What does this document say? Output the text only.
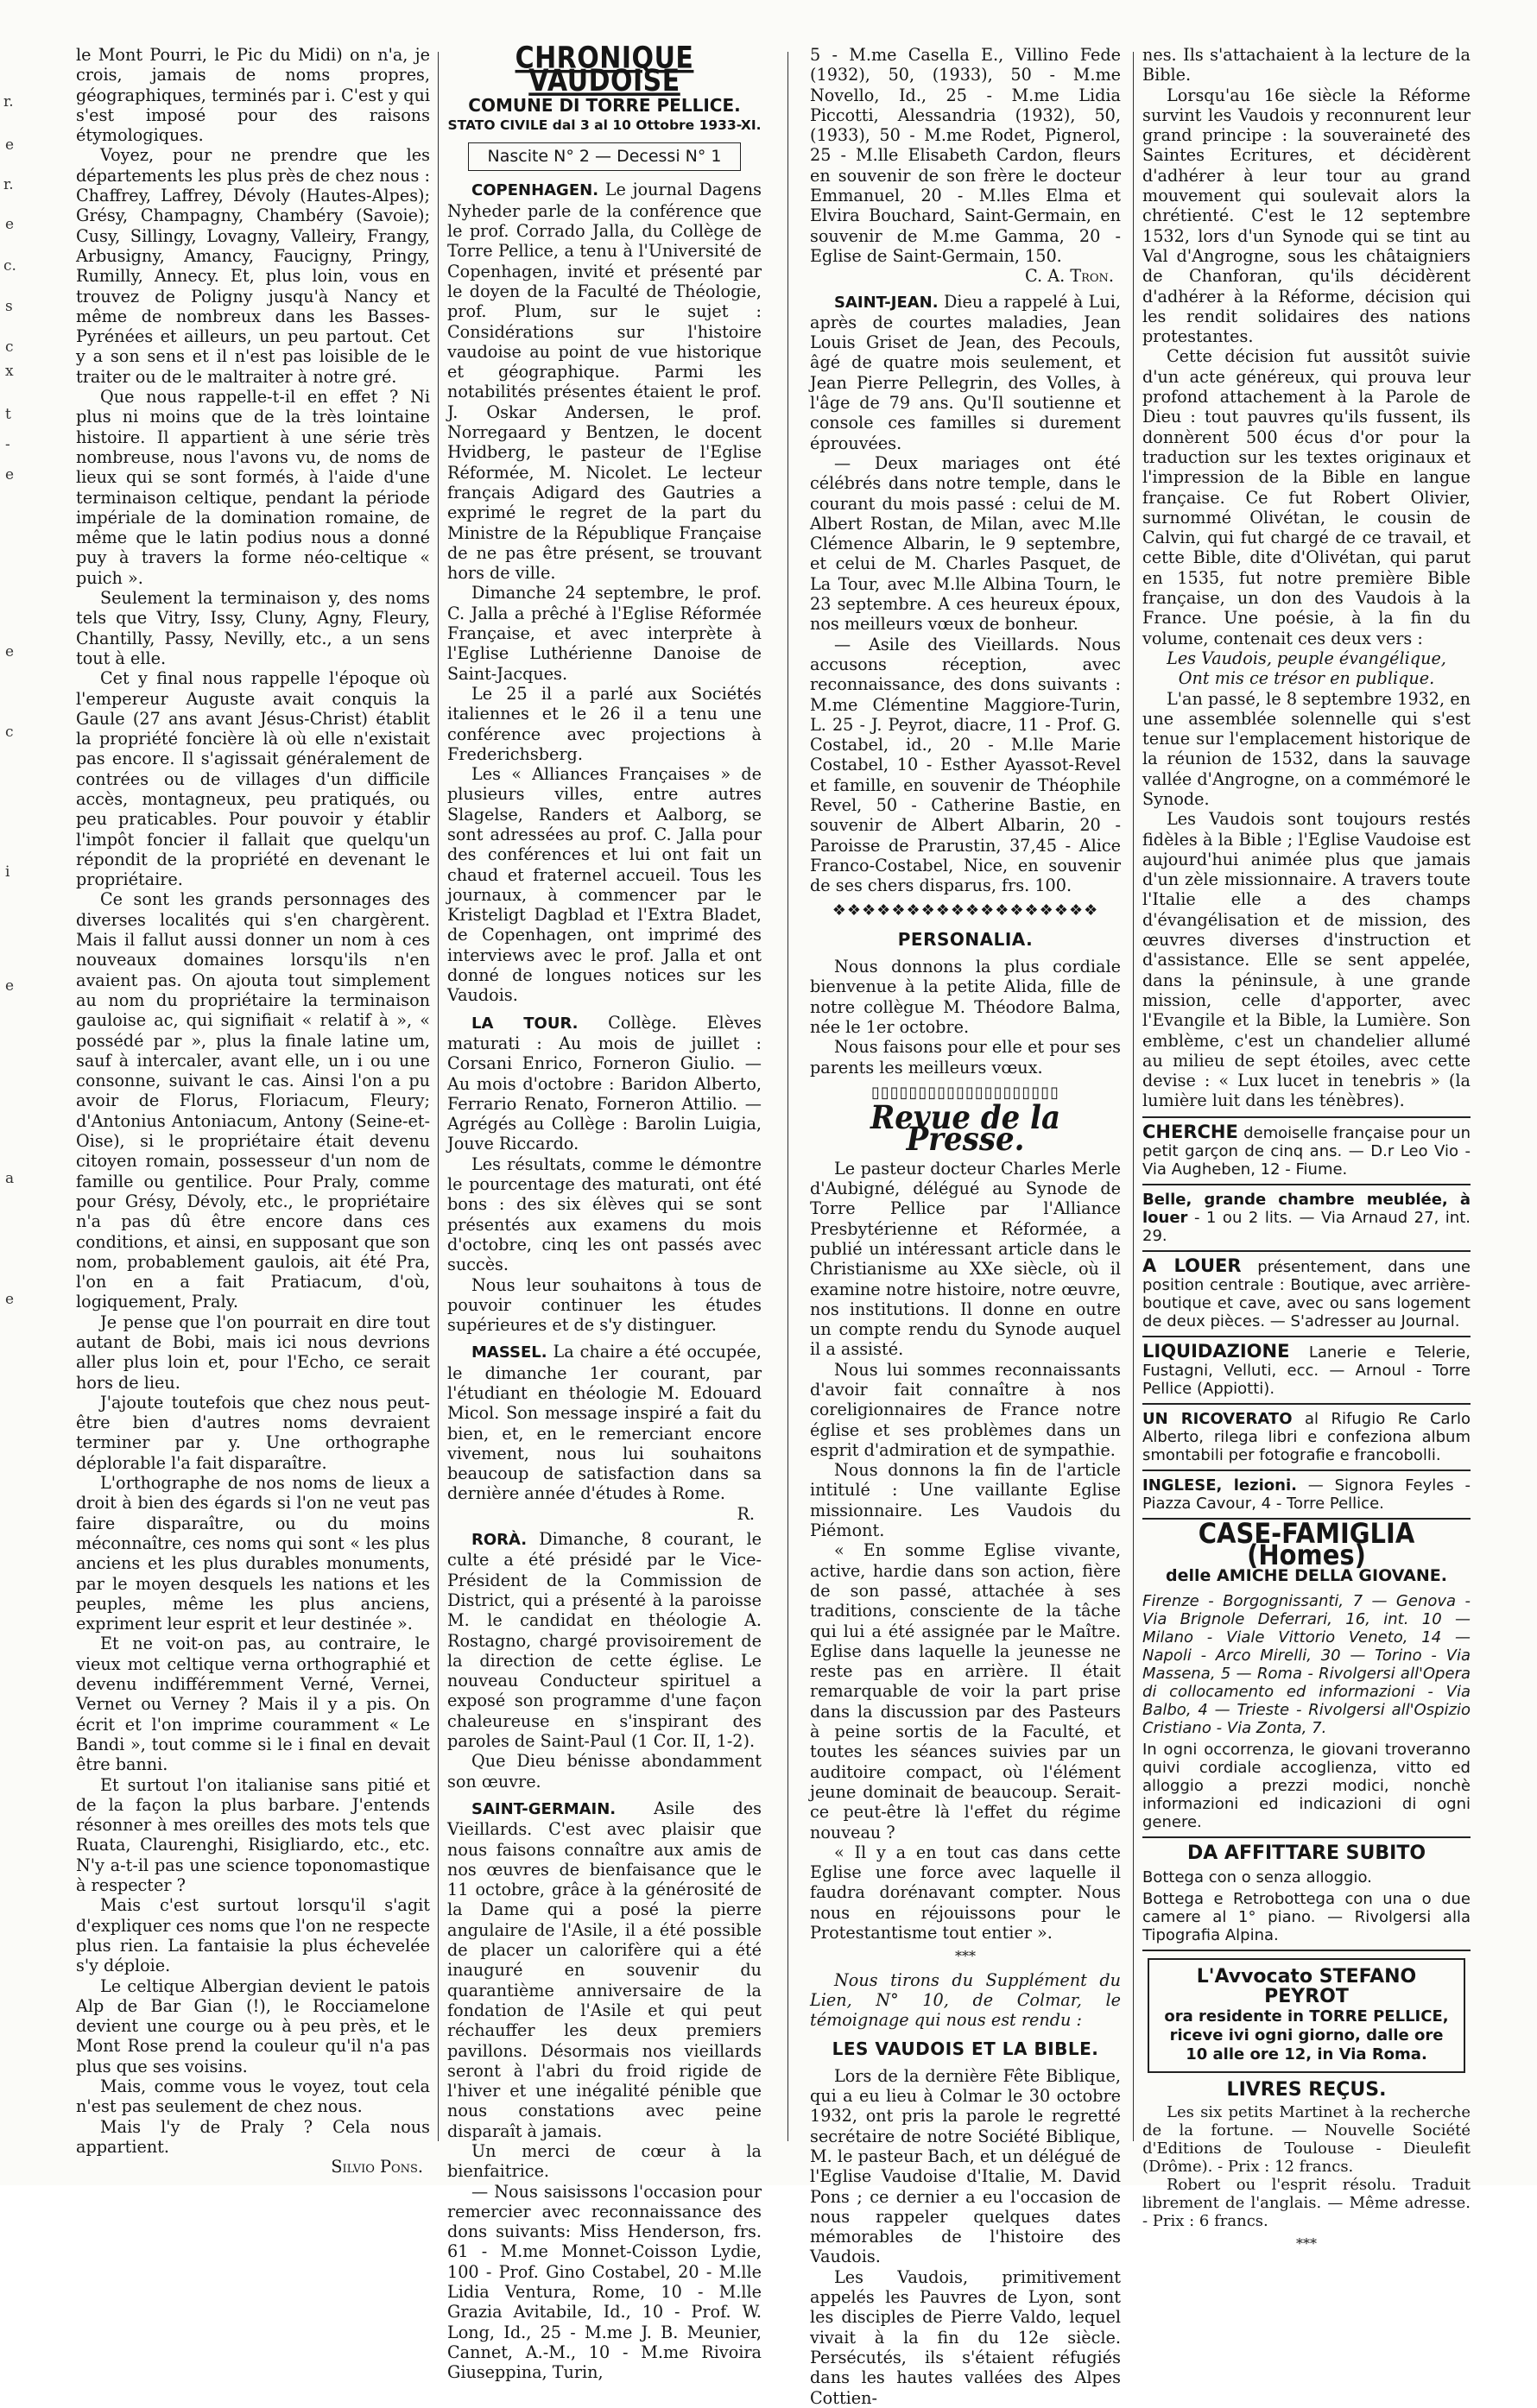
r.
e
r.
e
c.
s
c
x
t
-
e
e
c
i
e
a
e

le Mont Pourri, le Pic du Midi) on n'a, je crois, jamais de noms propres, géographiques, terminés par i. C'est y qui s'est imposé pour des raisons étymologiques.

Voyez, pour ne prendre que les départements les plus près de chez nous : Chaffrey, Laffrey, Dévoly (Hautes-Alpes); Grésy, Champagny, Chambéry (Savoie); Cusy, Sillingy, Lovagny, Valleiry, Frangy, Arbusigny, Amancy, Faucigny, Pringy, Rumilly, Annecy. Et, plus loin, vous en trouvez de Poligny jusqu'à Nancy et même de nombreux dans les Basses-Pyrénées et ailleurs, un peu partout. Cet y a son sens et il n'est pas loisible de le traiter ou de le maltraiter à notre gré.

Que nous rappelle-t-il en effet ? Ni plus ni moins que de la très lointaine histoire. Il appartient à une série très nombreuse, nous l'avons vu, de noms de lieux qui se sont formés, à l'aide d'une terminaison celtique, pendant la période impériale de la domination romaine, de même que le latin podius nous a donné puy à travers la forme néo-celtique « puich ».

Seulement la terminaison y, des noms tels que Vitry, Issy, Cluny, Agny, Fleury, Chantilly, Passy, Nevilly, etc., a un sens tout à elle.

Cet y final nous rappelle l'époque où l'empereur Auguste avait conquis la Gaule (27 ans avant Jésus-Christ) établit la propriété foncière là où elle n'existait pas encore. Il s'agissait généralement de contrées ou de villages d'un difficile accès, montagneux, peu pratiqués, ou peu praticables. Pour pouvoir y établir l'impôt foncier il fallait que quelqu'un répondit de la propriété en devenant le propriétaire.

Ce sont les grands personnages des diverses localités qui s'en chargèrent. Mais il fallut aussi donner un nom à ces nouveaux domaines lorsqu'ils n'en avaient pas. On ajouta tout simplement au nom du propriétaire la terminaison gauloise ac, qui signifiait « relatif à », « possédé par », plus la finale latine um, sauf à intercaler, avant elle, un i ou une consonne, suivant le cas. Ainsi l'on a pu avoir de Florus, Floriacum, Fleury; d'Antonius Antoniacum, Antony (Seine-et-Oise), si le propriétaire était devenu citoyen romain, possesseur d'un nom de famille ou gentilice. Pour Praly, comme pour Grésy, Dévoly, etc., le propriétaire n'a pas dû être encore dans ces conditions, et ainsi, en supposant que son nom, probablement gaulois, ait été Pra, l'on en a fait Pratiacum, d'où, logiquement, Praly.

Je pense que l'on pourrait en dire tout autant de Bobi, mais ici nous devrions aller plus loin et, pour l'Echo, ce serait hors de lieu.

J'ajoute toutefois que chez nous peut-être bien d'autres noms devraient terminer par y. Une orthographe déplorable l'a fait disparaître.

L'orthographe de nos noms de lieux a droit à bien des égards si l'on ne veut pas faire disparaître, ou du moins méconnaître, ces noms qui sont « les plus anciens et les plus durables monuments, par le moyen desquels les nations et les peuples, même les plus anciens, expriment leur esprit et leur destinée ».

Et ne voit-on pas, au contraire, le vieux mot celtique verna orthographié et devenu indifféremment Verné, Vernei, Vernet ou Verney ? Mais il y a pis. On écrit et l'on imprime couramment « Le Bandi », tout comme si le i final en devait être banni.

Et surtout l'on italianise sans pitié et de la façon la plus barbare. J'entends résonner à mes oreilles des mots tels que Ruata, Claurenghi, Risigliardo, etc., etc. N'y a-t-il pas une science toponomastique à respecter ?

Mais c'est surtout lorsqu'il s'agit d'expliquer ces noms que l'on ne respecte plus rien. La fantaisie la plus échevelée s'y déploie.

Le celtique Albergian devient le patois Alp de Bar Gian (!), le Rocciamelone devient une courge ou à peu près, et le Mont Rose prend la couleur qu'il n'a pas plus que ses voisins.

Mais, comme vous le voyez, tout cela n'est pas seulement de chez nous.

Mais l'y de Praly ? Cela nous appartient.

Silvio Pons.

CHRONIQUE VAUDOISE
COMUNE DI TORRE PELLICE.
STATO CIVILE dal 3 al 10 Ottobre 1933-XI.
Nascite N° 2 — Decessi N° 1

COPENHAGEN. Le journal Dagens Nyheder parle de la conférence que le prof. Corrado Jalla, du Collège de Torre Pellice, a tenu à l'Université de Copenhagen, invité et présenté par le doyen de la Faculté de Théologie, prof. Plum, sur le sujet : Considérations sur l'histoire vaudoise au point de vue historique et géographique. Parmi les notabilités présentes étaient le prof. J. Oskar Andersen, le prof. Norregaard y Bentzen, le docent Hvidberg, le pasteur de l'Eglise Réformée, M. Nicolet. Le lecteur français Adigard des Gautries a exprimé le regret de la part du Ministre de la République Française de ne pas être présent, se trouvant hors de ville.

Dimanche 24 septembre, le prof. C. Jalla a prêché à l'Eglise Réformée Française, et avec interprète à l'Eglise Luthérienne Danoise de Saint-Jacques.

Le 25 il a parlé aux Sociétés italiennes et le 26 il a tenu une conférence avec projections à Frederichsberg.

Les « Alliances Françaises » de plusieurs villes, entre autres Slagelse, Randers et Aalborg, se sont adressées au prof. C. Jalla pour des conférences et lui ont fait un chaud et fraternel accueil. Tous les journaux, à commencer par le Kristeligt Dagblad et l'Extra Bladet, de Copenhagen, ont imprimé des interviews avec le prof. Jalla et ont donné de longues notices sur les Vaudois.

LA TOUR. Collège. Elèves maturati : Au mois de juillet : Corsani Enrico, Forneron Giulio. — Au mois d'octobre : Baridon Alberto, Ferrario Renato, Forneron Attilio. — Agrégés au Collège : Barolin Luigia, Jouve Riccardo.

Les résultats, comme le démontre le pourcentage des maturati, ont été bons : des six élèves qui se sont présentés aux examens du mois d'octobre, cinq les ont passés avec succès.

Nous leur souhaitons à tous de pouvoir continuer les études supérieures et de s'y distinguer.

MASSEL. La chaire a été occupée, le dimanche 1er courant, par l'étudiant en théologie M. Edouard Micol. Son message inspiré a fait du bien, et, en le remerciant encore vivement, nous lui souhaitons beaucoup de satisfaction dans sa dernière année d'études à Rome.

R.

RORÀ. Dimanche, 8 courant, le culte a été présidé par le Vice-Président de la Commission de District, qui a présenté à la paroisse M. le candidat en théologie A. Rostagno, chargé provisoirement de la direction de cette église. Le nouveau Conducteur spirituel a exposé son programme d'une façon chaleureuse en s'inspirant des paroles de Saint-Paul (1 Cor. II, 1-2).

Que Dieu bénisse abondamment son œuvre.

SAINT-GERMAIN. Asile des Vieillards. C'est avec plaisir que nous faisons connaître aux amis de nos œuvres de bienfaisance que le 11 octobre, grâce à la générosité de la Dame qui a posé la pierre angulaire de l'Asile, il a été possible de placer un calorifère qui a été inauguré en souvenir du quarantième anniversaire de la fondation de l'Asile et qui peut réchauffer les deux premiers pavillons. Désormais nos vieillards seront à l'abri du froid rigide de l'hiver et une inégalité pénible que nous constations avec peine disparaît à jamais.

Un merci de cœur à la bienfaitrice.

— Nous saisissons l'occasion pour remercier avec reconnaissance des dons suivants: Miss Henderson, frs. 61 - M.me Monnet-Coisson Lydie, 100 - Prof. Gino Costabel, 20 - M.lle Lidia Ventura, Rome, 10 - M.lle Grazia Avitabile, Id., 10 - Prof. W. Long, Id., 25 - M.me J. B. Meunier, Cannet, A.-M., 10 - M.me Rivoira Giuseppina, Turin,

5 - M.me Casella E., Villino Fede (1932), 50, (1933), 50 - M.me Novello, Id., 25 - M.me Lidia Piccotti, Alessandria (1932), 50, (1933), 50 - M.me Rodet, Pignerol, 25 - M.lle Elisabeth Cardon, fleurs en souvenir de son frère le docteur Emmanuel, 20 - M.lles Elma et Elvira Bouchard, Saint-Germain, en souvenir de M.me Gamma, 20 - Eglise de Saint-Germain, 150.

C. A. Tron.

SAINT-JEAN. Dieu a rappelé à Lui, après de courtes maladies, Jean Louis Griset de Jean, des Pecouls, âgé de quatre mois seulement, et Jean Pierre Pellegrin, des Volles, à l'âge de 79 ans. Qu'Il soutienne et console ces familles si durement éprouvées.

— Deux mariages ont été célébrés dans notre temple, dans le courant du mois passé : celui de M. Albert Rostan, de Milan, avec M.lle Clémence Albarin, le 9 septembre, et celui de M. Charles Pasquet, de La Tour, avec M.lle Albina Tourn, le 23 septembre. A ces heureux époux, nos meilleurs vœux de bonheur.

— Asile des Vieillards. Nous accusons réception, avec reconnaissance, des dons suivants : M.me Clémentine Maggiore-Turin, L. 25 - J. Peyrot, diacre, 11 - Prof. G. Costabel, id., 20 - M.lle Marie Costabel, 10 - Esther Ayassot-Revel et famille, en souvenir de Théophile Revel, 50 - Catherine Bastie, en souvenir de Albert Albarin, 20 - Paroisse de Prarustin, 37,45 - Alice Franco-Costabel, Nice, en souvenir de ses chers disparus, frs. 100.

❖❖❖❖❖❖❖❖❖❖❖❖❖❖❖❖❖❖
PERSONALIA.

Nous donnons la plus cordiale bienvenue à la petite Alida, fille de notre collègue M. Théodore Balma, née le 1er octobre.

Nous faisons pour elle et pour ses parents les meilleurs vœux.

▯▯▯▯▯▯▯▯▯▯▯▯▯▯▯▯▯▯▯▯
Revue de la Presse.

Le pasteur docteur Charles Merle d'Aubigné, délégué au Synode de Torre Pellice par l'Alliance Presbytérienne et Réformée, a publié un intéressant article dans le Christianisme au XXe siècle, où il examine notre histoire, notre œuvre, nos institutions. Il donne en outre un compte rendu du Synode auquel il a assisté.

Nous lui sommes reconnaissants d'avoir fait connaître à nos coreligionnaires de France notre église et ses problèmes dans un esprit d'admiration et de sympathie.

Nous donnons la fin de l'article intitulé : Une vaillante Eglise missionnaire. Les Vaudois du Piémont.

« En somme Eglise vivante, active, hardie dans son action, fière de son passé, attachée à ses traditions, consciente de la tâche qui lui a été assignée par le Maître. Eglise dans laquelle la jeunesse ne reste pas en arrière. Il était remarquable de voir la part prise dans la discussion par des Pasteurs à peine sortis de la Faculté, et toutes les séances suivies par un auditoire compact, où l'élément jeune dominait de beaucoup. Serait-ce peut-être là l'effet du régime nouveau ?

« Il y a en tout cas dans cette Eglise une force avec laquelle il faudra dorénavant compter. Nous nous en réjouissons pour le Protestantisme tout entier ».

***

Nous tirons du Supplément du Lien, N° 10, de Colmar, le témoignage qui nous est rendu :

LES VAUDOIS ET LA BIBLE.

Lors de la dernière Fête Biblique, qui a eu lieu à Colmar le 30 octobre 1932, ont pris la parole le regretté secrétaire de notre Société Biblique, M. le pasteur Bach, et un délégué de l'Eglise Vaudoise d'Italie, M. David Pons ; ce dernier a eu l'occasion de nous rappeler quelques dates mémorables de l'histoire des Vaudois.

Les Vaudois, primitivement appelés les Pauvres de Lyon, sont les disciples de Pierre Valdo, lequel vivait à la fin du 12e siècle. Persécutés, ils s'étaient réfugiés dans les hautes vallées des Alpes Cottien-

nes. Ils s'attachaient à la lecture de la Bible.

Lorsqu'au 16e siècle la Réforme survint les Vaudois y reconnurent leur grand principe : la souveraineté des Saintes Ecritures, et décidèrent d'adhérer à leur tour au grand mouvement qui soulevait alors la chrétienté. C'est le 12 septembre 1532, lors d'un Synode qui se tint au Val d'Angrogne, sous les châtaigniers de Chanforan, qu'ils décidèrent d'adhérer à la Réforme, décision qui les rendit solidaires des nations protestantes.

Cette décision fut aussitôt suivie d'un acte généreux, qui prouva leur profond attachement à la Parole de Dieu : tout pauvres qu'ils fussent, ils donnèrent 500 écus d'or pour la traduction sur les textes originaux et l'impression de la Bible en langue française. Ce fut Robert Olivier, surnommé Olivétan, le cousin de Calvin, qui fut chargé de ce travail, et cette Bible, dite d'Olivétan, qui parut en 1535, fut notre première Bible française, un don des Vaudois à la France. Une poésie, à la fin du volume, contenait ces deux vers :

Les Vaudois, peuple évangélique,

Ont mis ce trésor en publique.

L'an passé, le 8 septembre 1932, en une assemblée solennelle qui s'est tenue sur l'emplacement historique de la réunion de 1532, dans la sauvage vallée d'Angrogne, on a commémoré le Synode.

Les Vaudois sont toujours restés fidèles à la Bible ; l'Eglise Vaudoise est aujourd'hui animée plus que jamais d'un zèle missionnaire. A travers toute l'Italie elle a des champs d'évangélisation et de mission, des œuvres diverses d'instruction et d'assistance. Elle se sent appelée, dans la péninsule, à une grande mission, celle d'apporter, avec l'Evangile et la Bible, la Lumière. Son emblème, c'est un chandelier allumé au milieu de sept étoiles, avec cette devise : « Lux lucet in tenebris » (la lumière luit dans les ténèbres).

CHERCHE demoiselle française pour un petit garçon de cinq ans. — D.r Leo Vio - Via Augheben, 12 - Fiume.
Belle, grande chambre meublée, à louer - 1 ou 2 lits. — Via Arnaud 27, int. 29.
A LOUER présentement, dans une position centrale : Boutique, avec arrière-boutique et cave, avec ou sans logement de deux pièces. — S'adresser au Journal.
LIQUIDAZIONE Lanerie e Telerie, Fustagni, Velluti, ecc. — Arnoul - Torre Pellice (Appiotti).
UN RICOVERATO al Rifugio Re Carlo Alberto, rilega libri e confeziona album smontabili per fotografie e francobolli.
INGLESE, lezioni. — Signora Feyles - Piazza Cavour, 4 - Torre Pellice.
CASE-FAMIGLIA (Homes)
delle AMICHE DELLA GIOVANE.
Firenze - Borgognissanti, 7 — Genova - Via Brignole Deferrari, 16, int. 10 — Milano - Viale Vittorio Veneto, 14 — Napoli - Arco Mirelli, 30 — Torino - Via Massena, 5 — Roma - Rivolgersi all'Opera di collocamento ed informazioni - Via Balbo, 4 — Trieste - Rivolgersi all'Ospizio Cristiano - Via Zonta, 7.
In ogni occorrenza, le giovani troveranno quivi cordiale accoglienza, vitto ed alloggio a prezzi modici, nonchè informazioni ed indicazioni di ogni genere.
DA AFFITTARE SUBITO
Bottega con o senza alloggio.
Bottega e Retrobottega con una o due camere al 1° piano. — Rivolgersi alla Tipografia Alpina.
L'Avvocato STEFANO PEYROT
ora residente in TORRE PELLICE, riceve ivi ogni giorno, dalle ore 10 alle ore 12, in Via Roma.
LIVRES REÇUS.

Les six petits Martinet à la recherche de la fortune. — Nouvelle Société d'Editions de Toulouse - Dieulefit (Drôme). - Prix : 12 francs.

Robert ou l'esprit résolu. Traduit librement de l'anglais. — Même adresse. - Prix : 6 francs.

***
